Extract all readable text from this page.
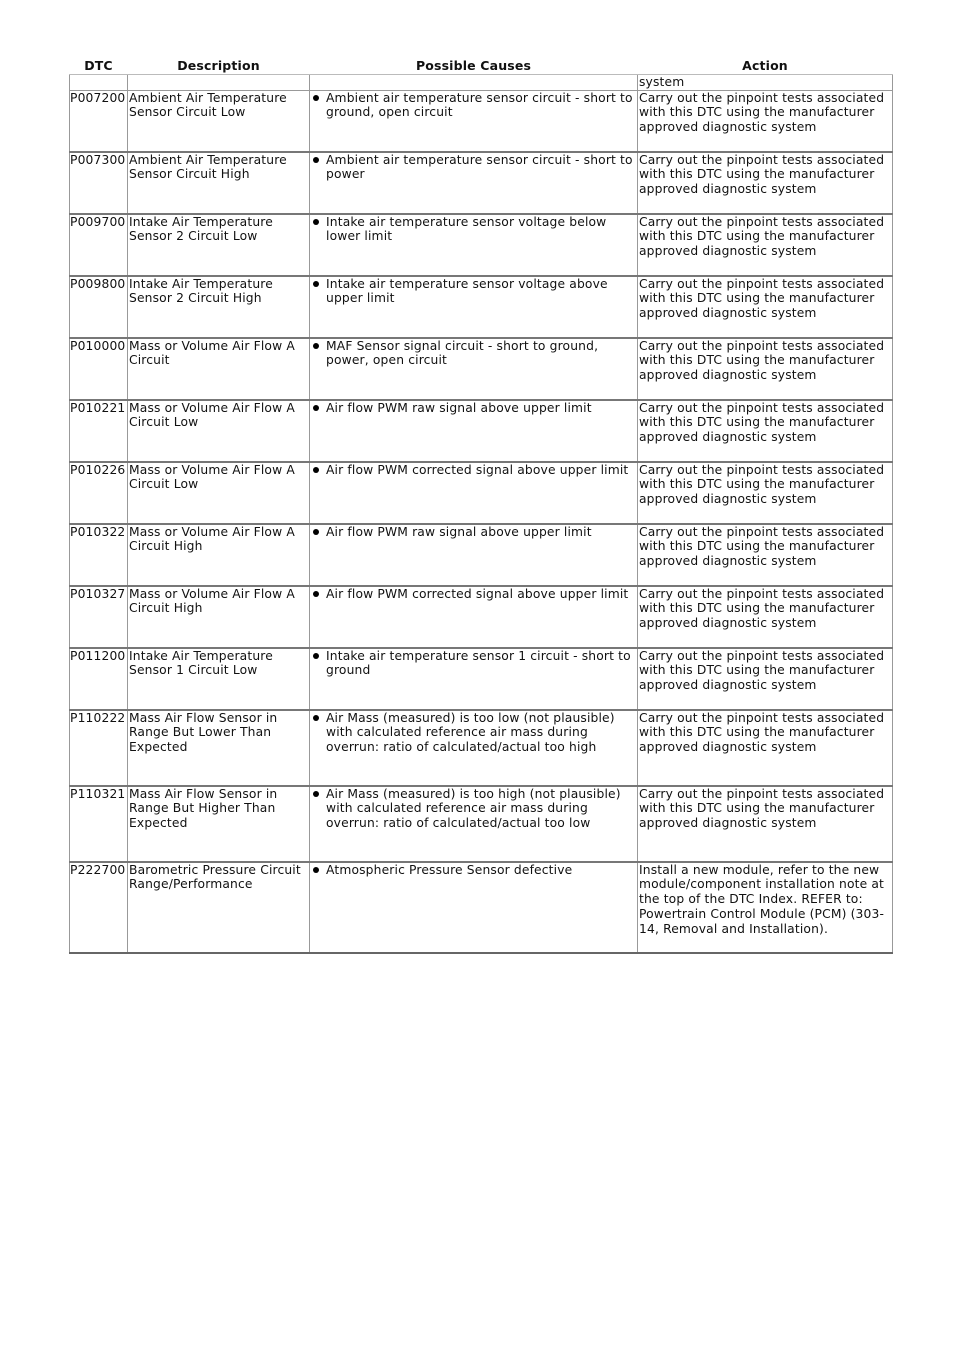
DTC	Description	Possible Causes	Action
			system
P007200	Ambient Air Temperature Sensor Circuit Low	Ambient air temperature sensor circuit - short to ground, open circuit	Carry out the pinpoint tests associated with this DTC using the manufacturer approved diagnostic system
P007300	Ambient Air Temperature Sensor Circuit High	Ambient air temperature sensor circuit - short to power	Carry out the pinpoint tests associated with this DTC using the manufacturer approved diagnostic system
P009700	Intake Air Temperature Sensor 2 Circuit Low	Intake air temperature sensor voltage below lower limit	Carry out the pinpoint tests associated with this DTC using the manufacturer approved diagnostic system
P009800	Intake Air Temperature Sensor 2 Circuit High	Intake air temperature sensor voltage above upper limit	Carry out the pinpoint tests associated with this DTC using the manufacturer approved diagnostic system
P010000	Mass or Volume Air Flow A Circuit	MAF Sensor signal circuit - short to ground, power, open circuit	Carry out the pinpoint tests associated with this DTC using the manufacturer approved diagnostic system
P010221	Mass or Volume Air Flow A Circuit Low	Air flow PWM raw signal above upper limit	Carry out the pinpoint tests associated with this DTC using the manufacturer approved diagnostic system
P010226	Mass or Volume Air Flow A Circuit Low	Air flow PWM corrected signal above upper limit	Carry out the pinpoint tests associated with this DTC using the manufacturer approved diagnostic system
P010322	Mass or Volume Air Flow A Circuit High	Air flow PWM raw signal above upper limit	Carry out the pinpoint tests associated with this DTC using the manufacturer approved diagnostic system
P010327	Mass or Volume Air Flow A Circuit High	Air flow PWM corrected signal above upper limit	Carry out the pinpoint tests associated with this DTC using the manufacturer approved diagnostic system
P011200	Intake Air Temperature Sensor 1 Circuit Low	Intake air temperature sensor 1 circuit - short to ground	Carry out the pinpoint tests associated with this DTC using the manufacturer approved diagnostic system
P110222	Mass Air Flow Sensor in Range But Lower Than Expected	Air Mass (measured) is too low (not plausible) with calculated reference air mass during overrun: ratio of calculated/actual too high	Carry out the pinpoint tests associated with this DTC using the manufacturer approved diagnostic system
P110321	Mass Air Flow Sensor in Range But Higher Than Expected	Air Mass (measured) is too high (not plausible) with calculated reference air mass during overrun: ratio of calculated/actual too low	Carry out the pinpoint tests associated with this DTC using the manufacturer approved diagnostic system
P222700	Barometric Pressure Circuit Range/Performance	Atmospheric Pressure Sensor defective	Install a new module, refer to the new module/component installation note at the top of the DTC Index. REFER to: Powertrain Control Module (PCM) (303-14, Removal and Installation).
